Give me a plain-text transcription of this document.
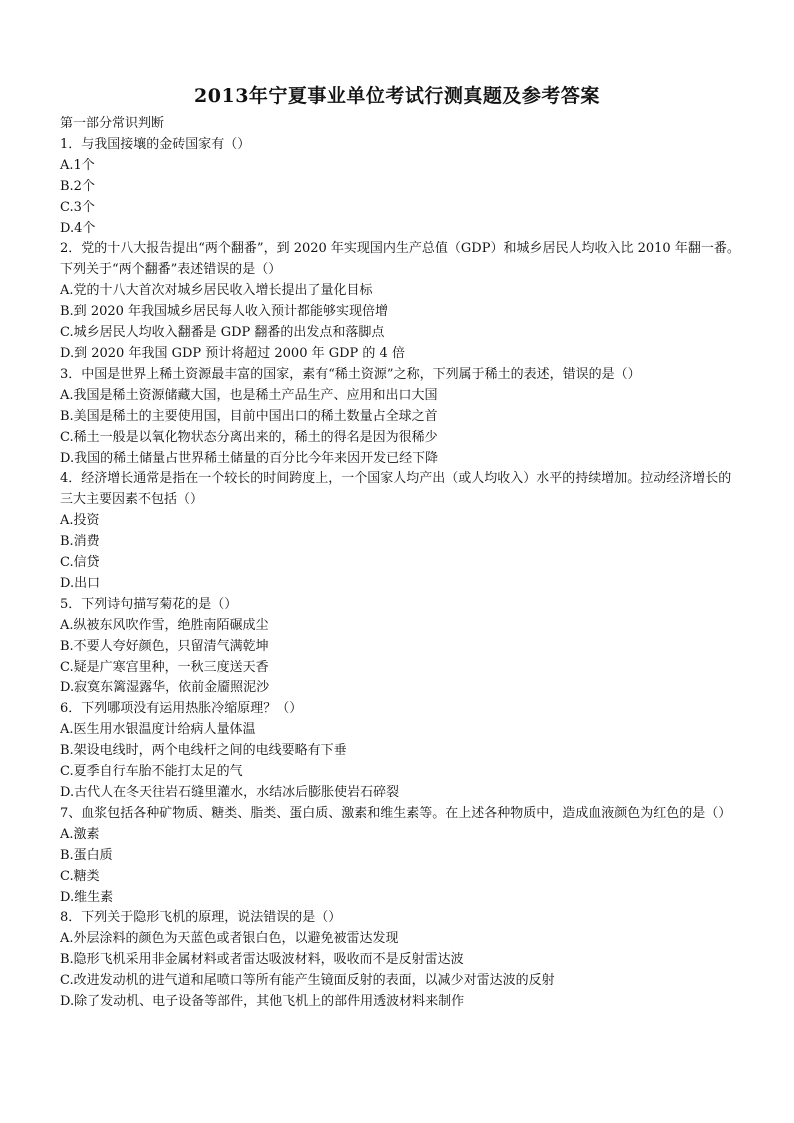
2013年宁夏事业单位考试行测真题及参考答案

第一部分常识判断

1．与我国接壤的金砖国家有（）

A.1个

B.2个

C.3个

D.4个

2．党的十八大报告提出“两个翻番”，到 2020 年实现国内生产总值（GDP）和城乡居民人均收入比 2010 年翻一番。下列关于“两个翻番”表述错误的是（）

A.党的十八大首次对城乡居民收入增长提出了量化目标

B.到 2020 年我国城乡居民每人收入预计都能够实现倍增

C.城乡居民人均收入翻番是 GDP 翻番的出发点和落脚点

D.到 2020 年我国 GDP 预计将超过 2000 年 GDP 的 4 倍

3．中国是世界上稀土资源最丰富的国家，素有“稀土资源”之称，下列属于稀土的表述，错误的是（）

A.我国是稀土资源储藏大国，也是稀土产品生产、应用和出口大国

B.美国是稀土的主要使用国，目前中国出口的稀土数量占全球之首

C.稀土一般是以氧化物状态分离出来的，稀土的得名是因为很稀少

D.我国的稀土储量占世界稀土储量的百分比今年来因开发已经下降

4．经济增长通常是指在一个较长的时间跨度上，一个国家人均产出（或人均收入）水平的持续增加。拉动经济增长的三大主要因素不包括（）

A.投资

B.消费

C.信贷

D.出口

5．下列诗句描写菊花的是（）

A.纵被东风吹作雪，绝胜南陌碾成尘

B.不要人夸好颜色，只留清气满乾坤

C.疑是广寒宫里种，一秋三度送天香

D.寂寞东篱湿露华，依前金靥照泥沙

6．下列哪项没有运用热胀冷缩原理？（）

A.医生用水银温度计给病人量体温

B.架设电线时，两个电线杆之间的电线要略有下垂

C.夏季自行车胎不能打太足的气

D.古代人在冬天往岩石缝里灌水，水结冰后膨胀使岩石碎裂

7、血浆包括各种矿物质、糖类、脂类、蛋白质、激素和维生素等。在上述各种物质中，造成血液颜色为红色的是（）

A.激素

B.蛋白质

C.糖类

D.维生素

8．下列关于隐形飞机的原理，说法错误的是（）

A.外层涂料的颜色为天蓝色或者银白色，以避免被雷达发现

B.隐形飞机采用非金属材料或者雷达吸波材料，吸收而不是反射雷达波

C.改进发动机的进气道和尾喷口等所有能产生镜面反射的表面，以减少对雷达波的反射

D.除了发动机、电子设备等部件，其他飞机上的部件用透波材料来制作
